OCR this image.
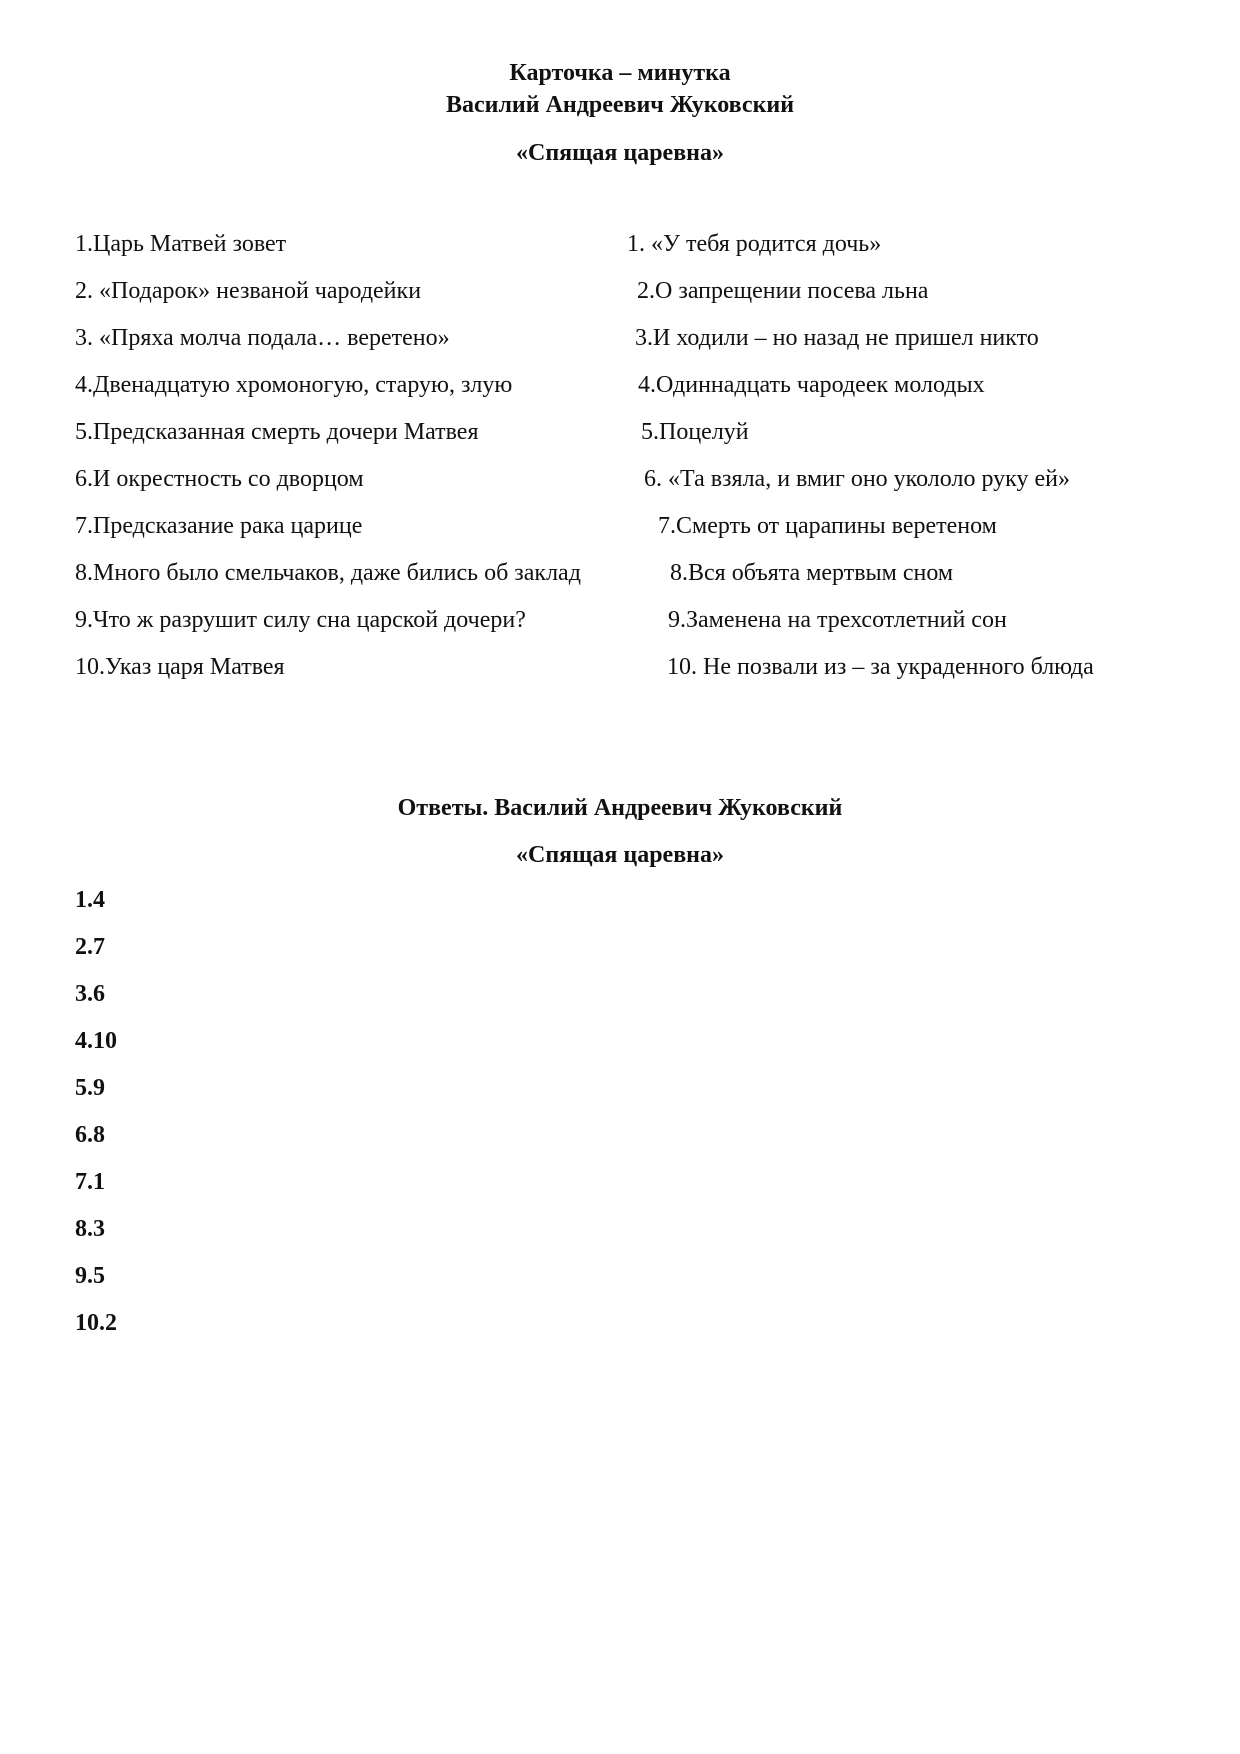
Карточка – минутка
Василий Андреевич Жуковский
«Спящая царевна»
1.Царь Матвей зовет
2. «Подарок» незваной чародейки
3. «Пряха молча подала… веретено»
4.Двенадцатую хромоногую, старую, злую
5.Предсказанная смерть дочери Матвея
6.И окрестность со дворцом
7.Предсказание рака царице
8.Много было смельчаков, даже бились об заклад
9.Что ж разрушит силу сна царской дочери?
10.Указ царя Матвея
1. «У тебя родится дочь»
2.О запрещении посева льна
3.И ходили – но назад не пришел никто
4.Одиннадцать чародеек молодых
5.Поцелуй
6. «Та взяла, и вмиг оно укололо руку ей»
7.Смерть от царапины веретеном
8.Вся объята мертвым сном
9.Заменена на трехсотлетний сон
10. Не позвали из – за украденного блюда
Ответы. Василий Андреевич Жуковский
«Спящая царевна»
1.4
2.7
3.6
4.10
5.9
6.8
7.1
8.3
9.5
10.2
